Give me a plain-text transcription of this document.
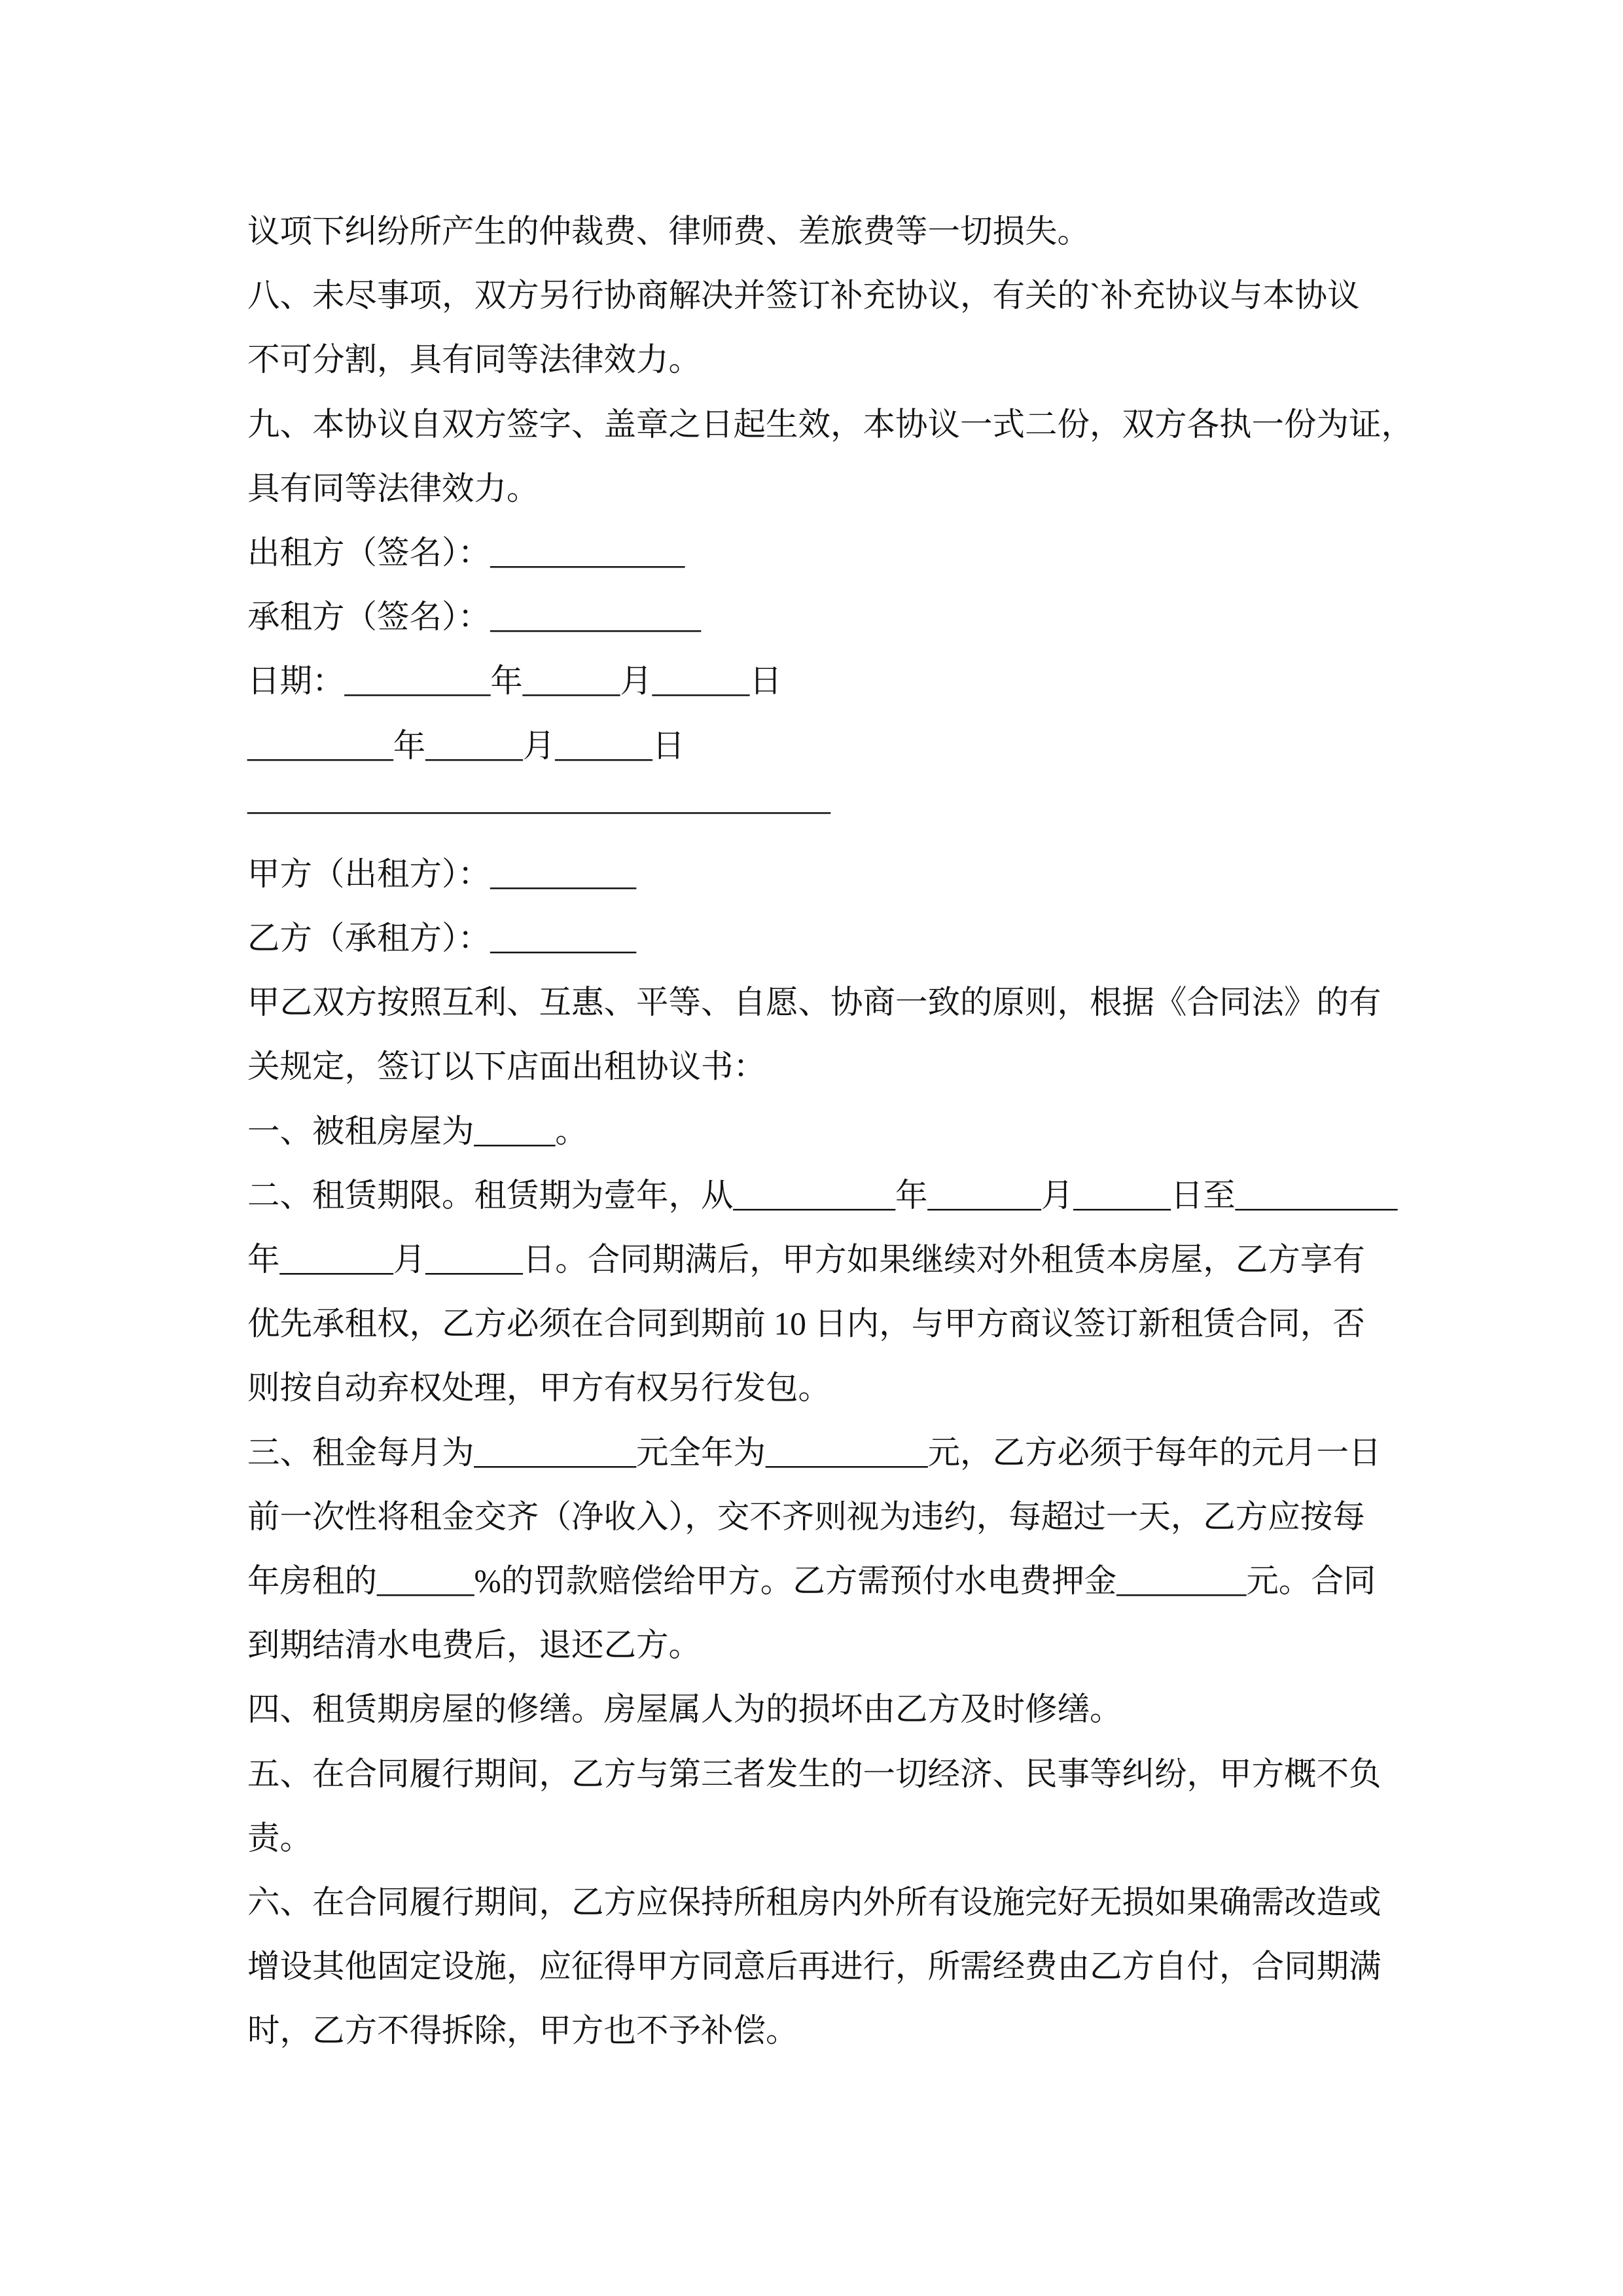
议项下纠纷所产生的仲裁费、律师费、差旅费等一切损失。
八、未尽事项，双方另行协商解决并签订补充协议，有关的`补充协议与本协议
不可分割，具有同等法律效力。
九、本协议自双方签字、盖章之日起生效，本协议一式二份，双方各执一份为证，
具有同等法律效力。
出租方（签名）：____________
承租方（签名）：_____________
日期：_________年______月______日
_________年______月______日
——————————————————
甲方（出租方）：_________
乙方（承租方）：_________
甲乙双方按照互利、互惠、平等、自愿、协商一致的原则，根据《合同法》的有
关规定，签订以下店面出租协议书：
一、被租房屋为_____。
二、租赁期限。租赁期为壹年，从__________年_______月______日至__________
年_______月______日。合同期满后，甲方如果继续对外租赁本房屋，乙方享有
优先承租权，乙方必须在合同到期前 10 日内，与甲方商议签订新租赁合同，否
则按自动弃权处理，甲方有权另行发包。
三、租金每月为__________元全年为__________元，乙方必须于每年的元月一日
前一次性将租金交齐（净收入），交不齐则视为违约，每超过一天，乙方应按每
年房租的______%的罚款赔偿给甲方。乙方需预付水电费押金________元。合同
到期结清水电费后，退还乙方。
四、租赁期房屋的修缮。房屋属人为的损坏由乙方及时修缮。
五、在合同履行期间，乙方与第三者发生的一切经济、民事等纠纷，甲方概不负
责。
六、在合同履行期间，乙方应保持所租房内外所有设施完好无损如果确需改造或
增设其他固定设施，应征得甲方同意后再进行，所需经费由乙方自付，合同期满
时，乙方不得拆除，甲方也不予补偿。
